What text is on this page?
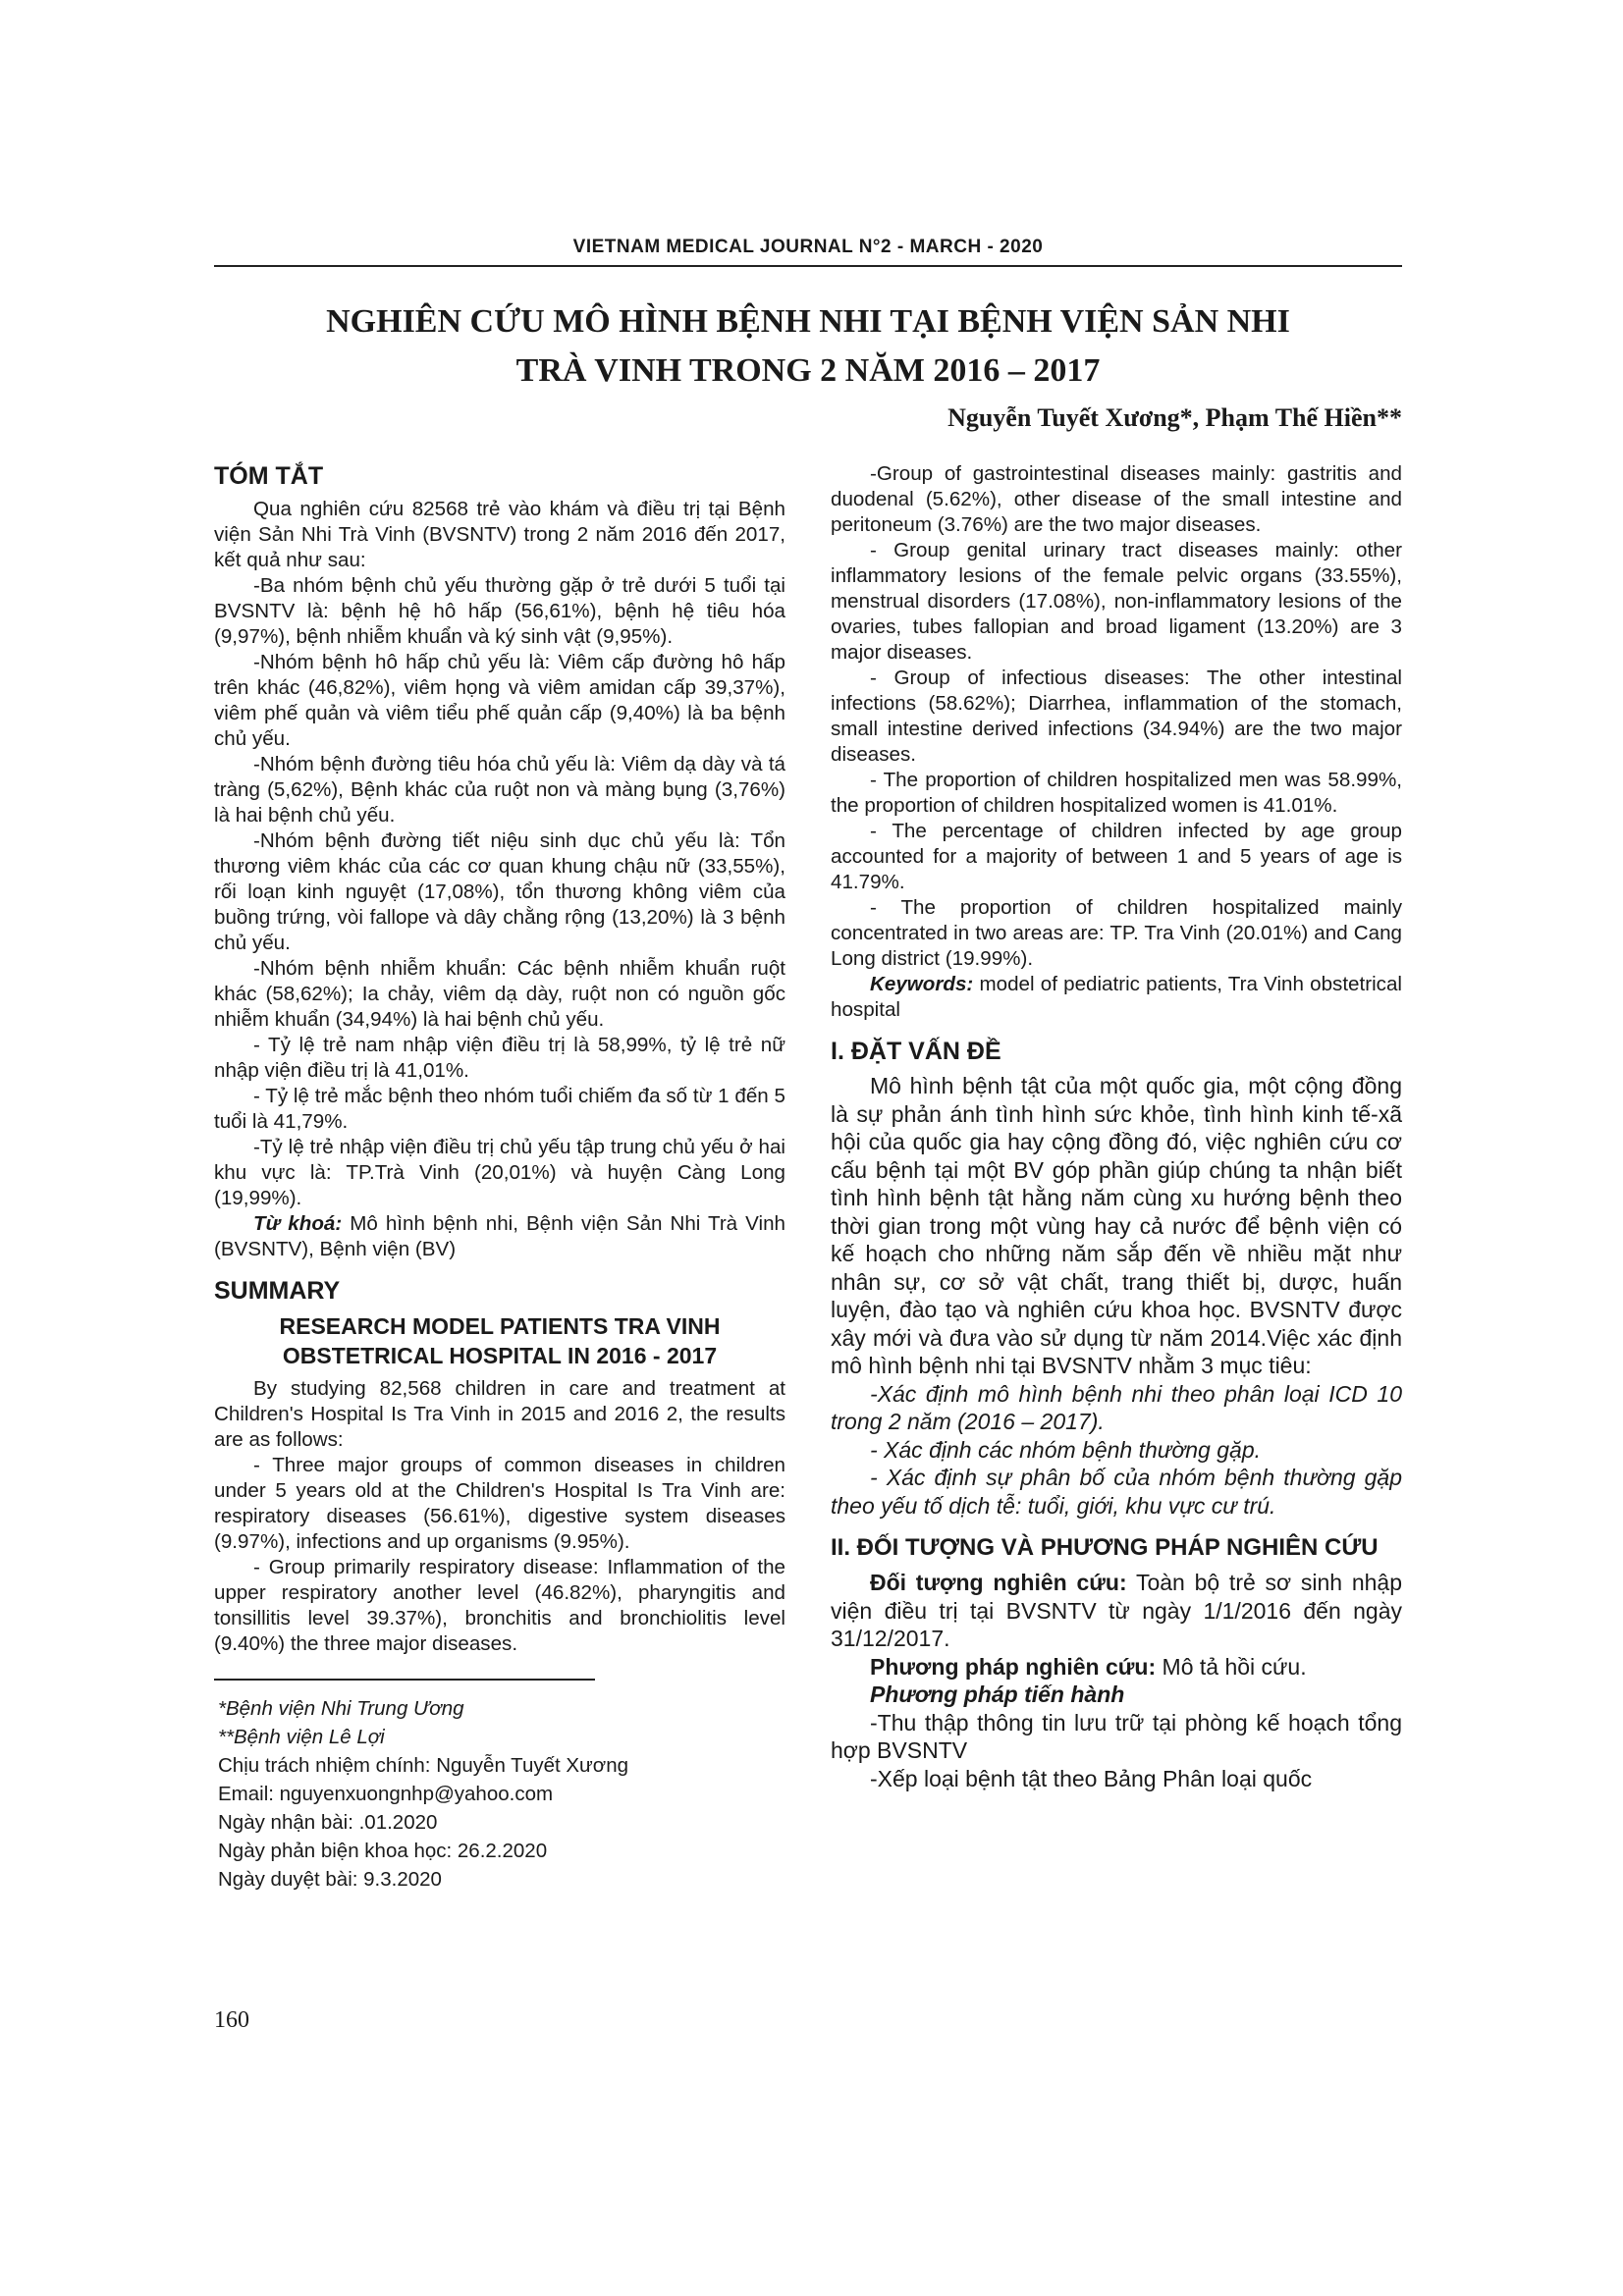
VIETNAM MEDICAL JOURNAL N°2 - MARCH - 2020
NGHIÊN CỨU MÔ HÌNH BỆNH NHI TẠI BỆNH VIỆN SẢN NHI
TRÀ VINH TRONG 2 NĂM 2016 – 2017
Nguyễn Tuyết Xương*, Phạm Thế Hiền**
TÓM TẮT

Qua nghiên cứu 82568 trẻ vào khám và điều trị tại Bệnh viện Sản Nhi Trà Vinh (BVSNTV) trong 2 năm 2016 đến 2017, kết quả như sau:

-Ba nhóm bệnh chủ yếu thường gặp ở trẻ dưới 5 tuổi tại BVSNTV là: bệnh hệ hô hấp (56,61%), bệnh hệ tiêu hóa (9,97%), bệnh nhiễm khuẩn và ký sinh vật (9,95%).

-Nhóm bệnh hô hấp chủ yếu là: Viêm cấp đường hô hấp trên khác (46,82%), viêm họng và viêm amidan cấp 39,37%), viêm phế quản và viêm tiểu phế quản cấp (9,40%) là ba bệnh chủ yếu.

-Nhóm bệnh đường tiêu hóa chủ yếu là: Viêm dạ dày và tá tràng (5,62%), Bệnh khác của ruột non và màng bụng (3,76%) là hai bệnh chủ yếu.

-Nhóm bệnh đường tiết niệu sinh dục chủ yếu là: Tổn thương viêm khác của các cơ quan khung chậu nữ (33,55%), rối loạn kinh nguyệt (17,08%), tổn thương không viêm của buồng trứng, vòi fallope và dây chằng rộng (13,20%) là 3 bệnh chủ yếu.

-Nhóm bệnh nhiễm khuẩn: Các bệnh nhiễm khuẩn ruột khác (58,62%); Ia chảy, viêm dạ dày, ruột non có nguồn gốc nhiễm khuẩn (34,94%) là hai bệnh chủ yếu.

- Tỷ lệ trẻ nam nhập viện điều trị là 58,99%, tỷ lệ trẻ nữ nhập viện điều trị là 41,01%.

- Tỷ lệ trẻ mắc bệnh theo nhóm tuổi chiếm đa số từ 1 đến 5 tuổi là 41,79%.

-Tỷ lệ trẻ nhập viện điều trị chủ yếu tập trung chủ yếu ở hai khu vực là: TP.Trà Vinh (20,01%) và huyện Càng Long (19,99%).

Từ khoá: Mô hình bệnh nhi, Bệnh viện Sản Nhi Trà Vinh (BVSNTV), Bệnh viện (BV)

SUMMARY
RESEARCH MODEL PATIENTS TRA VINH
OBSTETRICAL HOSPITAL IN 2016 - 2017

By studying 82,568 children in care and treatment at Children's Hospital Is Tra Vinh in 2015 and 2016 2, the results are as follows:

- Three major groups of common diseases in children under 5 years old at the Children's Hospital Is Tra Vinh are: respiratory diseases (56.61%), digestive system diseases (9.97%), infections and up organisms (9.95%).

- Group primarily respiratory disease: Inflammation of the upper respiratory another level (46.82%), pharyngitis and tonsillitis level 39.37%), bronchitis and bronchiolitis level (9.40%) the three major diseases.

*Bệnh viện Nhi Trung Ương
**Bệnh viện Lê Lợi
Chịu trách nhiệm chính: Nguyễn Tuyết Xương
Email: nguyenxuongnhp@yahoo.com
Ngày nhận bài: .01.2020
Ngày phản biện khoa học: 26.2.2020
Ngày duyệt bài: 9.3.2020

-Group of gastrointestinal diseases mainly: gastritis and duodenal (5.62%), other disease of the small intestine and peritoneum (3.76%) are the two major diseases.

- Group genital urinary tract diseases mainly: other inflammatory lesions of the female pelvic organs (33.55%), menstrual disorders (17.08%), non-inflammatory lesions of the ovaries, tubes fallopian and broad ligament (13.20%) are 3 major diseases.

- Group of infectious diseases: The other intestinal infections (58.62%); Diarrhea, inflammation of the stomach, small intestine derived infections (34.94%) are the two major diseases.

- The proportion of children hospitalized men was 58.99%, the proportion of children hospitalized women is 41.01%.

- The percentage of children infected by age group accounted for a majority of between 1 and 5 years of age is 41.79%.

- The proportion of children hospitalized mainly concentrated in two areas are: TP. Tra Vinh (20.01%) and Cang Long district (19.99%).

Keywords: model of pediatric patients, Tra Vinh obstetrical hospital

I. ĐẶT VẤN ĐỀ

Mô hình bệnh tật của một quốc gia, một cộng đồng là sự phản ánh tình hình sức khỏe, tình hình kinh tế-xã hội của quốc gia hay cộng đồng đó, việc nghiên cứu cơ cấu bệnh tại một BV góp phần giúp chúng ta nhận biết tình hình bệnh tật hằng năm cùng xu hướng bệnh theo thời gian trong một vùng hay cả nước để bệnh viện có kế hoạch cho những năm sắp đến về nhiều mặt như nhân sự, cơ sở vật chất, trang thiết bị, dược, huấn luyện, đào tạo và nghiên cứu khoa học. BVSNTV được xây mới và đưa vào sử dụng từ năm 2014.Việc xác định mô hình bệnh nhi tại BVSNTV nhằm 3 mục tiêu:

-Xác định mô hình bệnh nhi theo phân loại ICD 10 trong 2 năm (2016 – 2017).

- Xác định các nhóm bệnh thường gặp.

- Xác định sự phân bố của nhóm bệnh thường gặp theo yếu tố dịch tễ: tuổi, giới, khu vực cư trú.

II. ĐỐI TƯỢNG VÀ PHƯƠNG PHÁP NGHIÊN CỨU

Đối tượng nghiên cứu: Toàn bộ trẻ sơ sinh nhập viện điều trị tại BVSNTV từ ngày 1/1/2016 đến ngày 31/12/2017.

Phương pháp nghiên cứu: Mô tả hồi cứu.

Phương pháp tiến hành

-Thu thập thông tin lưu trữ tại phòng kế hoạch tổng hợp BVSNTV

-Xếp loại bệnh tật theo Bảng Phân loại quốc

160
